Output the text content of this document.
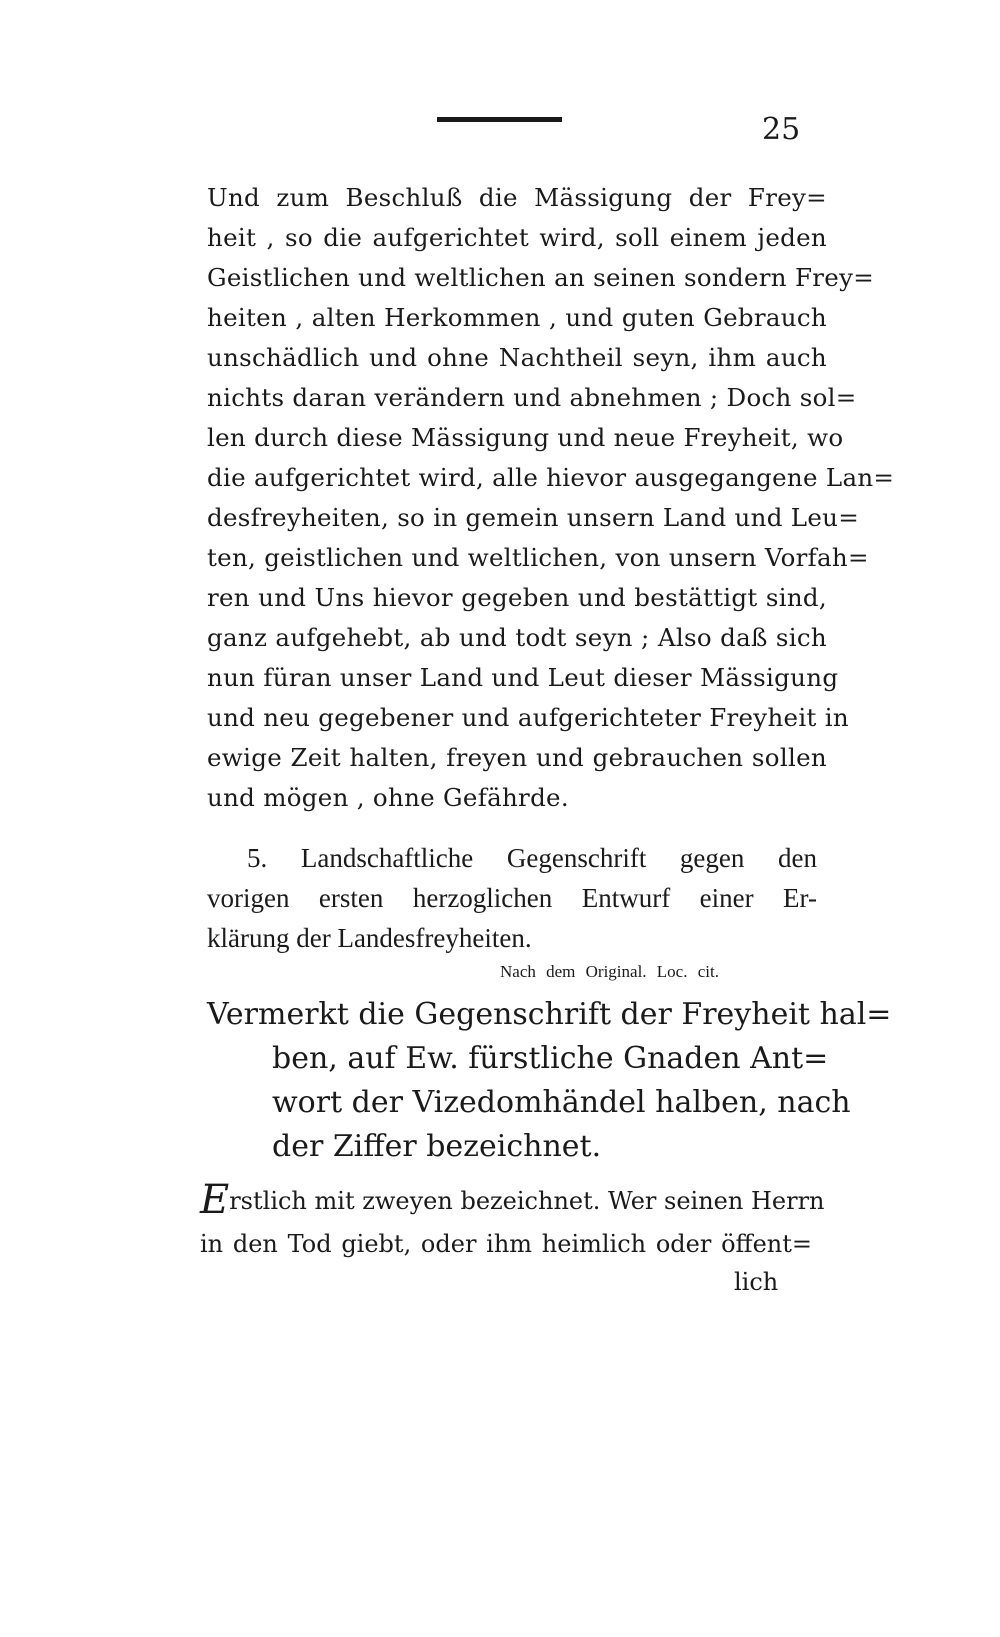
25
Und zum Beschluß die Mässigung der Frey=
heit , so die aufgerichtet wird, soll einem jeden
Geistlichen und weltlichen an seinen sondern Frey=
heiten , alten Herkommen , und guten Gebrauch
unschädlich und ohne Nachtheil seyn, ihm auch
nichts daran verändern und abnehmen ; Doch sol=
len durch diese Mässigung und neue Freyheit, wo
die aufgerichtet wird, alle hievor ausgegangene Lan=
desfreyheiten, so in gemein unsern Land und Leu=
ten, geistlichen und weltlichen, von unsern Vorfah=
ren und Uns hievor gegeben und bestättigt sind,
ganz aufgehebt, ab und todt seyn ; Also daß sich
nun füran unser Land und Leut dieser Mässigung
und neu gegebener und aufgerichteter Freyheit in
ewige Zeit halten, freyen und gebrauchen sollen
und mögen , ohne Gefährde.
5. Landschaftliche Gegenschrift gegen den
vorigen ersten herzoglichen Entwurf einer Er-
klärung der Landesfreyheiten.
Nach dem Original. Loc. cit.
Vermerkt die Gegenschrift der Freyheit hal=
ben, auf Ew. fürstliche Gnaden Ant=
wort der Vizedomhändel halben, nach
der Ziffer bezeichnet.
Erstlich mit zweyen bezeichnet. Wer seinen Herrn
in den Tod giebt, oder ihm heimlich oder öffent=
lich
